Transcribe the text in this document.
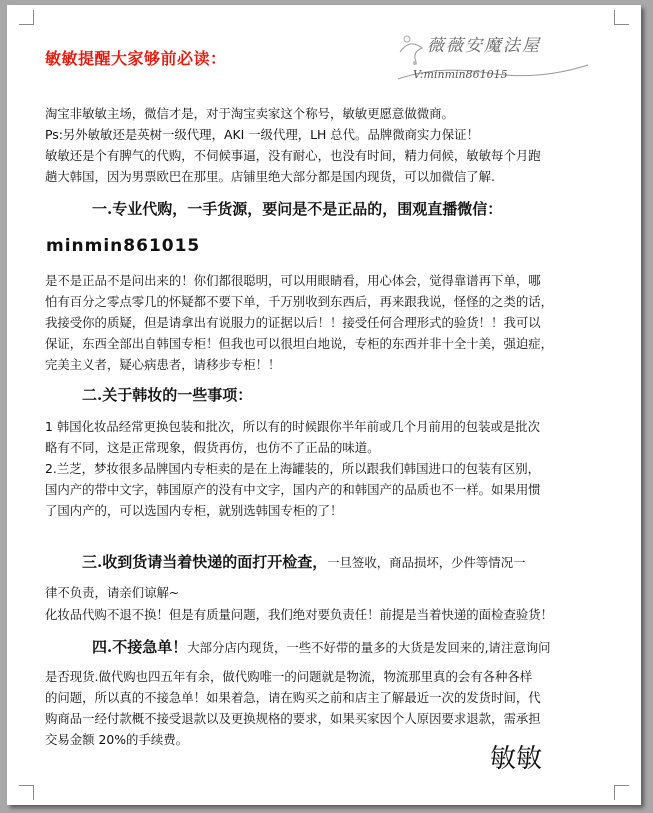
敏敏提醒大家够前必读：
薇薇安魔法屋
V:minmin861015
淘宝非敏敏主场，微信才是，对于淘宝卖家这个称号，敏敏更愿意做微商。
Ps:另外敏敏还是英树一级代理，AKI 一级代理，LH 总代。品牌微商实力保证！
敏敏还是个有脾气的代购，不伺候事逼，没有耐心，也没有时间，精力伺候，敏敏每个月跑
趟大韩国，因为男票欧巴在那里。店铺里绝大部分都是国内现货，可以加微信了解.
一.专业代购，一手货源，要问是不是正品的，围观直播微信：
minmin861015
是不是正品不是问出来的！你们都很聪明，可以用眼睛看，用心体会，觉得靠谱再下单，哪
怕有百分之零点零几的怀疑都不要下单，千万别收到东西后，再来跟我说，怪怪的之类的话，
我接受你的质疑，但是请拿出有说服力的证据以后！！接受任何合理形式的验货！！我可以
保证，东西全部出自韩国专柜！但我也可以很坦白地说，专柜的东西并非十全十美，强迫症，
完美主义者，疑心病患者，请移步专柜！！
二.关于韩妆的一些事项：
1 韩国化妆品经常更换包装和批次，所以有的时候跟你半年前或几个月前用的包装或是批次
略有不同，这是正常现象，假货再仿，也仿不了正品的味道。
2.兰芝，梦妆很多品牌国内专柜卖的是在上海罐装的，所以跟我们韩国进口的包装有区别，
国内产的带中文字，韩国原产的没有中文字，国内产的和韩国产的品质也不一样。如果用惯
了国内产的，可以选国内专柜，就别选韩国专柜的了！
三.收到货请当着快递的面打开检查，一旦签收，商品损坏，少件等情况一
律不负责，请亲们谅解~
化妆品代购不退不换！但是有质量问题，我们绝对要负责任！前提是当着快递的面检查验货！
四.不接急单！大部分店内现货，一些不好带的量多的大货是发回来的,请注意询问
是否现货.做代购也四五年有余，做代购唯一的问题就是物流，物流那里真的会有各种各样
的问题，所以真的不接急单！如果着急，请在购买之前和店主了解最近一次的发货时间，代
购商品一经付款概不接受退款以及更换规格的要求，如果买家因个人原因要求退款，需承担
交易金额 20%的手续费。
敏敏
